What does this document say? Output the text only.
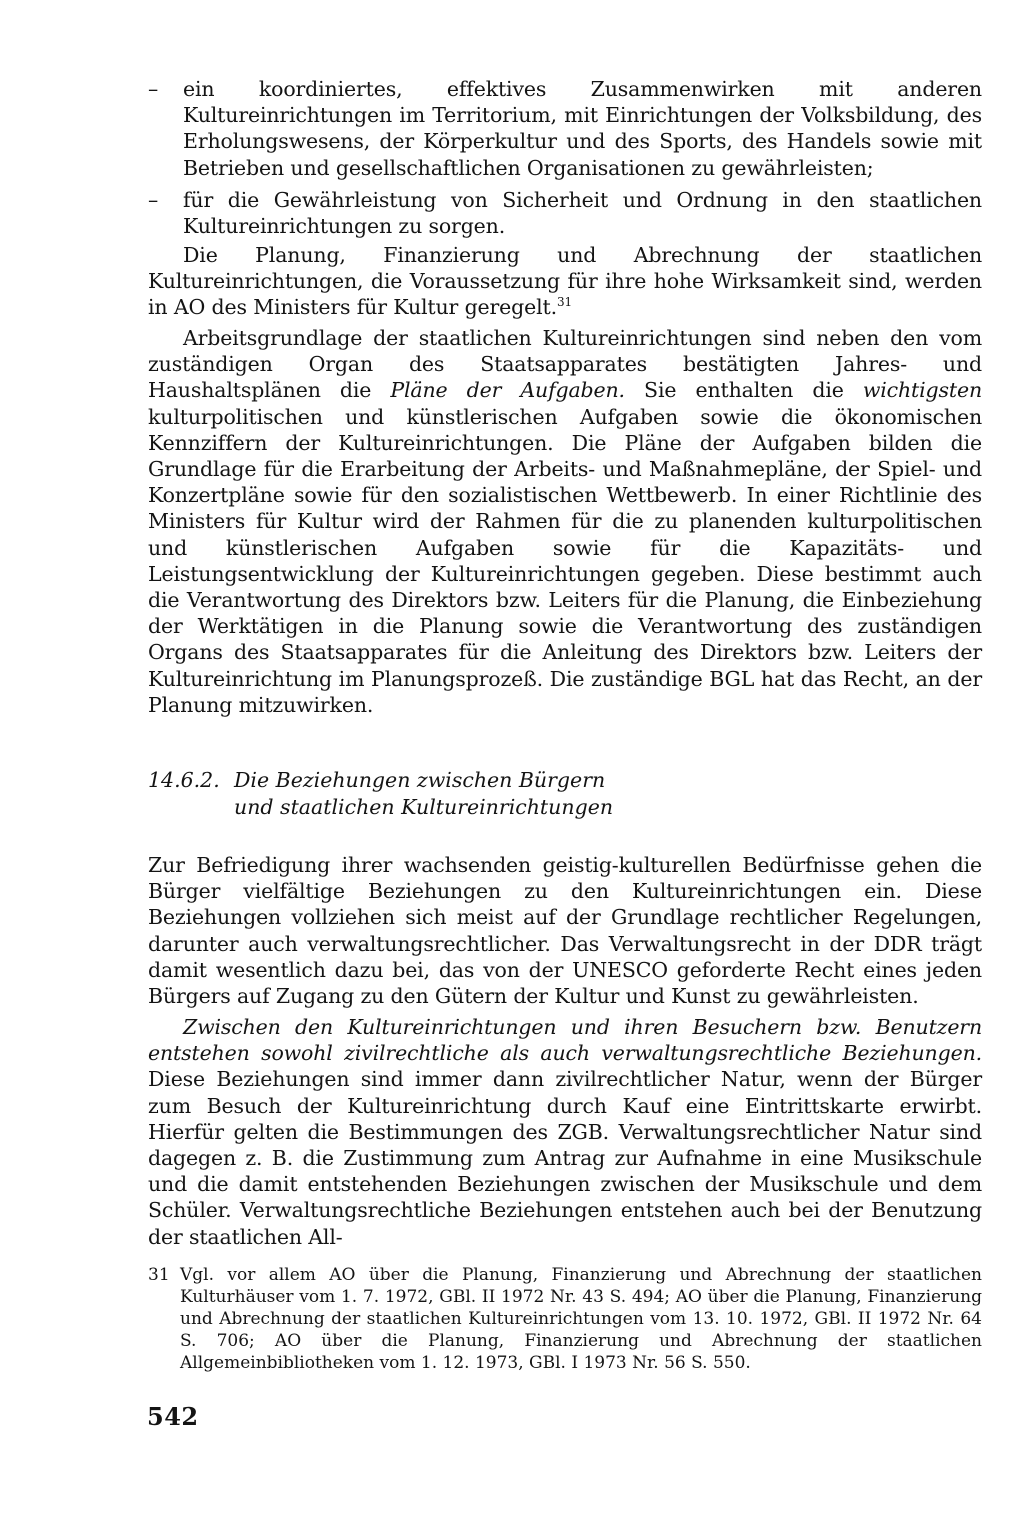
–	ein koordiniertes, effektives Zusammenwirken mit anderen Kultureinrichtungen im Territorium, mit Einrichtungen der Volksbildung, des Erholungswesens, der Körperkultur und des Sports, des Handels sowie mit Betrieben und gesellschaftlichen Organisationen zu gewährleisten;
–	für die Gewährleistung von Sicherheit und Ordnung in den staatlichen Kultureinrichtungen zu sorgen.
Die Planung, Finanzierung und Abrechnung der staatlichen Kultureinrichtungen, die Voraussetzung für ihre hohe Wirksamkeit sind, werden in AO des Ministers für Kultur geregelt.$^{31}$
Arbeitsgrundlage der staatlichen Kultureinrichtungen sind neben den vom zuständigen Organ des Staatsapparates bestätigten Jahres- und Haushaltsplänen die Pläne der Aufgaben. Sie enthalten die wichtigsten kulturpolitischen und künstlerischen Aufgaben sowie die ökonomischen Kennziffern der Kultureinrichtungen. Die Pläne der Aufgaben bilden die Grundlage für die Erarbeitung der Arbeits- und Maßnahmepläne, der Spiel- und Konzertpläne sowie für den sozialistischen Wettbewerb. In einer Richtlinie des Ministers für Kultur wird der Rahmen für die zu planenden kulturpolitischen und künstlerischen Aufgaben sowie für die Kapazitäts- und Leistungsentwicklung der Kultureinrichtungen gegeben. Diese bestimmt auch die Verantwortung des Direktors bzw. Leiters für die Planung, die Einbeziehung der Werktätigen in die Planung sowie die Verantwortung des zuständigen Organs des Staatsapparates für die Anleitung des Direktors bzw. Leiters der Kultureinrichtung im Planungsprozeß. Die zuständige BGL hat das Recht, an der Planung mitzuwirken.
14.6.2. Die Beziehungen zwischen Bürgern
und staatlichen Kultureinrichtungen
Zur Befriedigung ihrer wachsenden geistig-kulturellen Bedürfnisse gehen die Bürger vielfältige Beziehungen zu den Kultureinrichtungen ein. Diese Beziehungen vollziehen sich meist auf der Grundlage rechtlicher Regelungen, darunter auch verwaltungsrechtlicher. Das Verwaltungsrecht in der DDR trägt damit wesentlich dazu bei, das von der UNESCO geforderte Recht eines jeden Bürgers auf Zugang zu den Gütern der Kultur und Kunst zu gewährleisten.
Zwischen den Kultureinrichtungen und ihren Besuchern bzw. Benutzern entstehen sowohl zivilrechtliche als auch verwaltungsrechtliche Beziehungen. Diese Beziehungen sind immer dann zivilrechtlicher Natur, wenn der Bürger zum Besuch der Kultureinrichtung durch Kauf eine Eintrittskarte erwirbt. Hierfür gelten die Bestimmungen des ZGB. Verwaltungsrechtlicher Natur sind dagegen z. B. die Zustimmung zum Antrag zur Aufnahme in eine Musikschule und die damit entstehenden Beziehungen zwischen der Musikschule und dem Schüler. Verwaltungsrechtliche Beziehungen entstehen auch bei der Benutzung der staatlichen All-
31 Vgl. vor allem AO über die Planung, Finanzierung und Abrechnung der staatlichen Kulturhäuser vom 1. 7. 1972, GBl. II 1972 Nr. 43 S. 494; AO über die Planung, Finanzierung und Abrechnung der staatlichen Kultureinrichtungen vom 13. 10. 1972, GBl. II 1972 Nr. 64 S. 706; AO über die Planung, Finanzierung und Abrechnung der staatlichen Allgemeinbibliotheken vom 1. 12. 1973, GBl. I 1973 Nr. 56 S. 550.
542
